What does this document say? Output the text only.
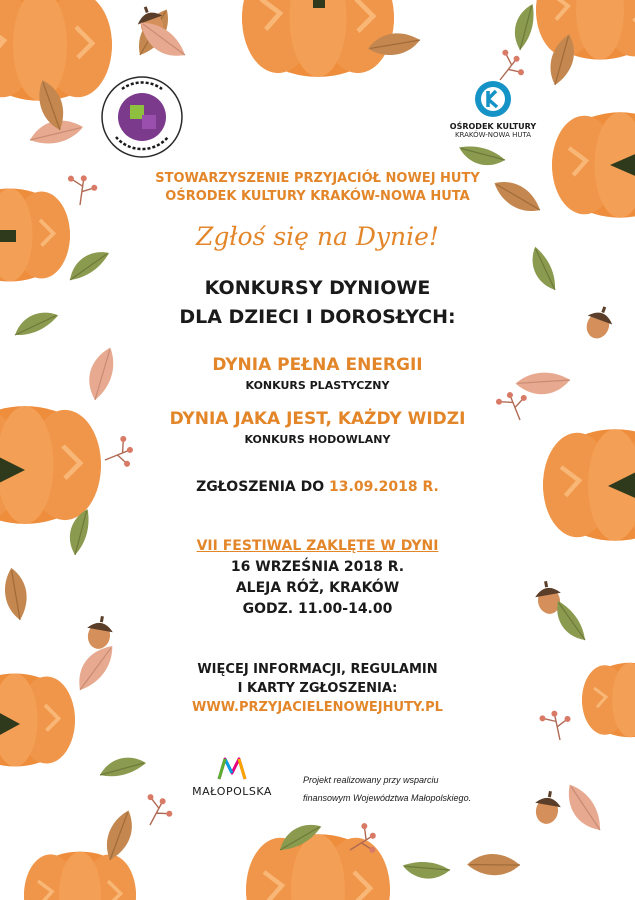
OŚRODEK KULTURY
KRAKÓW-NOWA HUTA
STOWARZYSZENIE PRZYJACIÓŁ NOWEJ HUTY
OŚRODEK KULTURY KRAKÓW-NOWA HUTA
Zgłoś się na Dynie!
KONKURSY DYNIOWE
DLA DZIECI I DOROSŁYCH:
DYNIA PEŁNA ENERGII
KONKURS PLASTYCZNY
DYNIA JAKA JEST, KAŻDY WIDZI
KONKURS HODOWLANY
ZGŁOSZENIA DO 13.09.2018 R.
VII FESTIWAL ZAKLĘTE W DYNI
16 WRZEŚNIA 2018 R.
ALEJA RÓŻ, KRAKÓW
GODZ. 11.00-14.00
WIĘCEJ INFORMACJI, REGULAMIN
I KARTY ZGŁOSZENIA:
WWW.PRZYJACIELENOWEJHUTY.PL
MAŁOPOLSKA
Projekt realizowany przy wsparciu
finansowym Województwa Małopolskiego.
